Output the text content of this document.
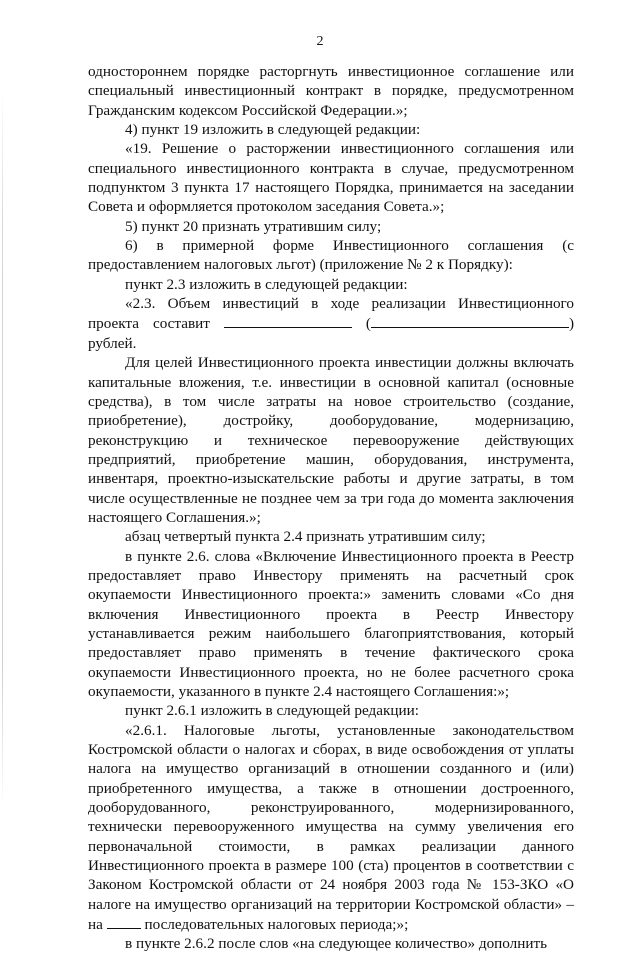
2

одностороннем порядке расторгнуть инвестиционное соглашение или специальный инвестиционный контракт в порядке, предусмотренном Гражданским кодексом Российской Федерации.»;

4) пункт 19 изложить в следующей редакции:

«19. Решение о расторжении инвестиционного соглашения или специального инвестиционного контракта в случае, предусмотренном подпунктом 3 пункта 17 настоящего Порядка, принимается на заседании Совета и оформляется протоколом заседания Совета.»;

5) пункт 20 признать утратившим силу;

6) в примерной форме Инвестиционного соглашения (с предоставлением налоговых льгот) (приложение № 2 к Порядку):

пункт 2.3 изложить в следующей редакции:

«2.3. Объем инвестиций в ходе реализации Инвестиционного проекта составит	(	) рублей.

Для целей Инвестиционного проекта инвестиции должны включать капитальные вложения, т.е. инвестиции в основной капитал (основные средства), в том числе затраты на новое строительство (создание, приобретение), достройку, дооборудование, модернизацию, реконструкцию и техническое перевооружение действующих предприятий, приобретение машин, оборудования, инструмента, инвентаря, проектно-изыскательские работы и другие затраты, в том числе осуществленные не позднее чем за три года до момента заключения настоящего Соглашения.»;

абзац четвертый пункта 2.4 признать утратившим силу;

в пункте 2.6. слова «Включение Инвестиционного проекта в Реестр предоставляет право Инвестору применять на расчетный срок окупаемости Инвестиционного проекта:» заменить словами «Со дня включения Инвестиционного проекта в Реестр Инвестору устанавливается режим наибольшего благоприятствования, который предоставляет право применять в течение фактического срока окупаемости Инвестиционного проекта, но не более расчетного срока окупаемости, указанного в пункте 2.4 настоящего Соглашения:»;

пункт 2.6.1 изложить в следующей редакции:

«2.6.1. Налоговые льготы, установленные законодательством Костромской области о налогах и сборах, в виде освобождения от уплаты налога на имущество организаций в отношении созданного и (или) приобретенного имущества, а также в отношении достроенного, дооборудованного, реконструированного, модернизированного, технически перевооруженного имущества на сумму увеличения его первоначальной стоимости, в рамках реализации данного Инвестиционного проекта в размере 100 (ста) процентов в соответствии с Законом Костромской области от 24 ноября 2003 года № 153-ЗКО «О налоге на имущество организаций на территории Костромской области» – на	последовательных налоговых периода;»;

в пункте 2.6.2 после слов «на следующее количество» дополнить
